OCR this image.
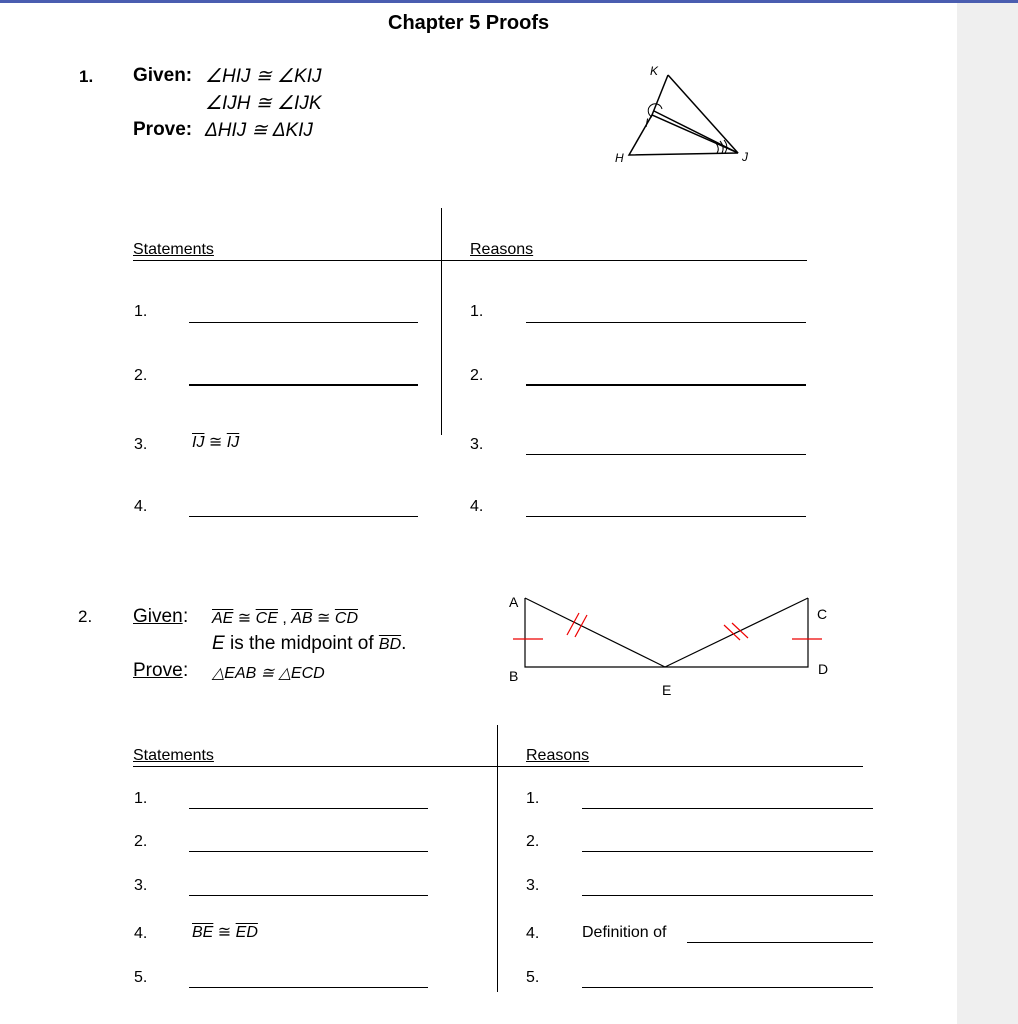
Chapter 5 Proofs
1. Given: ∠HIJ ≅ ∠KIJ
∠IJH ≅ ∠IJK
Prove: ΔHIJ ≅ ΔKIJ
K
I
H	J
Statements	Reasons
1.	1.
2.	2.
3.	$\overline{IJ}$ ≅ $\overline{IJ}$	3.
4.	4.
2. Given : $\overline{AE}$ ≅ $\overline{CE}$ , $\overline{AB}$ ≅ $\overline{CD}$
E is the midpoint of $\overline{BD}$.
Prove : △EAB ≅ △ECD
A
B
E
C
D
Statements	Reasons
1.	1.
2.	2.
3.	3.
4.	$\overline{BE}$ ≅ $\overline{ED}$	4.	Definition of
5.	5.
